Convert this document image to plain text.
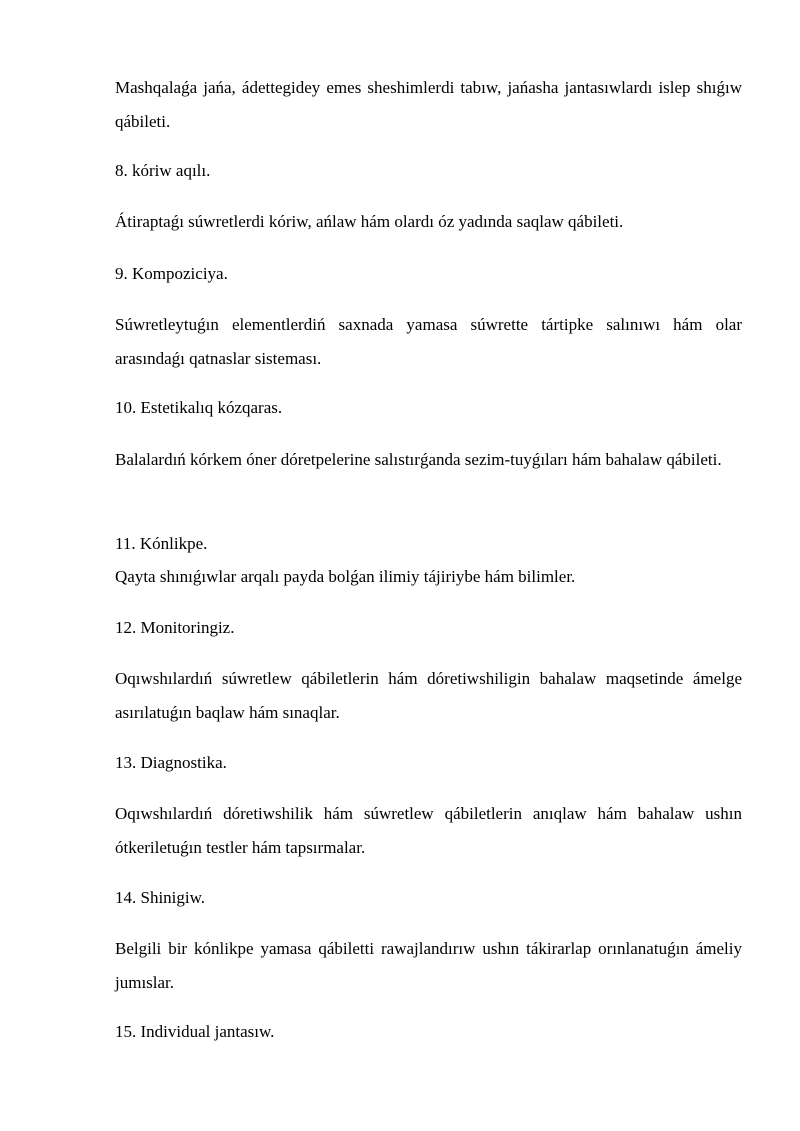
Mashqalaǵa jańa, ádettegidey emes sheshimlerdi tabıw, jańasha jantasıwlardı islep shıǵıw qábileti.

8. kóriw aqılı.

Átiraptaǵı súwretlerdi kóriw, ańlaw hám olardı óz yadında saqlaw qábileti.

9. Kompoziciya.

Súwretleytuǵın elementlerdiń saxnada yamasa súwrette tártipke salınıwı hám olar arasındaǵı qatnaslar sisteması.

10. Estetikalıq kózqaras.

Balalardıń kórkem óner dóretpelerine salıstırǵanda sezim-tuyǵıları hám bahalaw qábileti.

11. Kónlikpe.

Qayta shınıǵıwlar arqalı payda bolǵan ilimiy tájiriybe hám bilimler.

12. Monitoringiz.

Oqıwshılardıń súwretlew qábiletlerin hám dóretiwshiligin bahalaw maqsetinde ámelge asırılatuǵın baqlaw hám sınaqlar.

13. Diagnostika.

Oqıwshılardıń dóretiwshilik hám súwretlew qábiletlerin anıqlaw hám bahalaw ushın ótkeriletuǵın testler hám tapsırmalar.

14. Shinigiw.

Belgili bir kónlikpe yamasa qábiletti rawajlandırıw ushın tákirarlap orınlanatuǵın ámeliy jumıslar.

15. Individual jantasıw.
